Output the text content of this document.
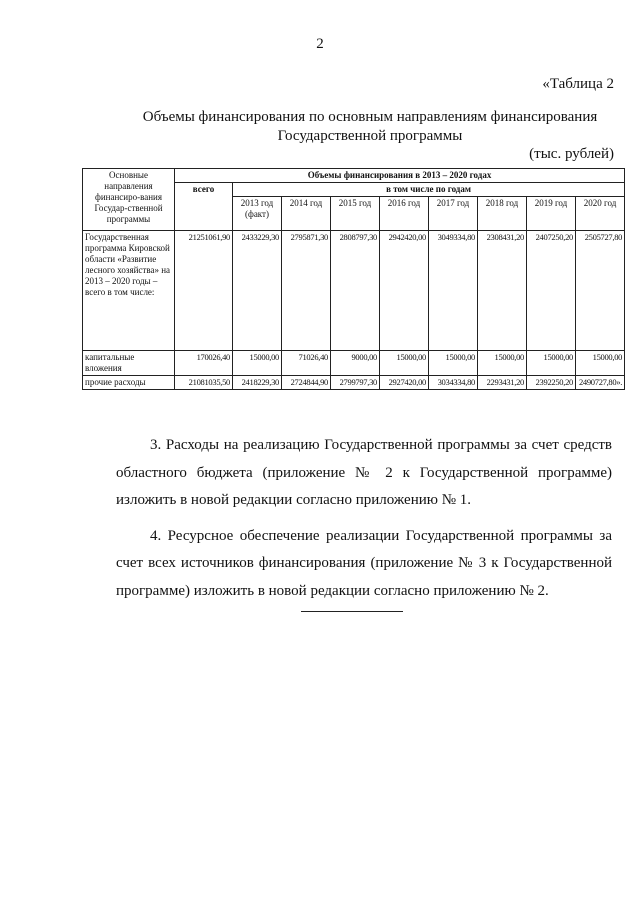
2
«Таблица 2
Объемы финансирования по основным направлениям финансирования
Государственной программы
(тыс. рублей)
Основные направления финансиро-вания Государ-ственной программы	Объемы финансирования в 2013 – 2020 годах								
	всего	в том числе по годам							
		2013 год (факт)	2014 год	2015 год	2016 год	2017 год	2018 год	2019 год	2020 год
Государственная программа Кировской области «Развитие лесного хозяйства» на 2013 – 2020 годы – всего в том числе:	21251061,90	2433229,30	2795871,30	2808797,30	2942420,00	3049334,80	2308431,20	2407250,20	2505727,80
капитальные вложения	170026,40	15000,00	71026,40	9000,00	15000,00	15000,00	15000,00	15000,00	15000,00
прочие расходы	21081035,50	2418229,30	2724844,90	2799797,30	2927420,00	3034334,80	2293431,20	2392250,20	2490727,80».

3. Расходы на реализацию Государственной программы за счет средств областного бюджета (приложение № 2 к Государственной программе) изложить в новой редакции согласно приложению № 1.

4. Ресурсное обеспечение реализации Государственной программы за счет всех источников финансирования (приложение № 3 к Государственной программе) изложить в новой редакции согласно приложению № 2.
